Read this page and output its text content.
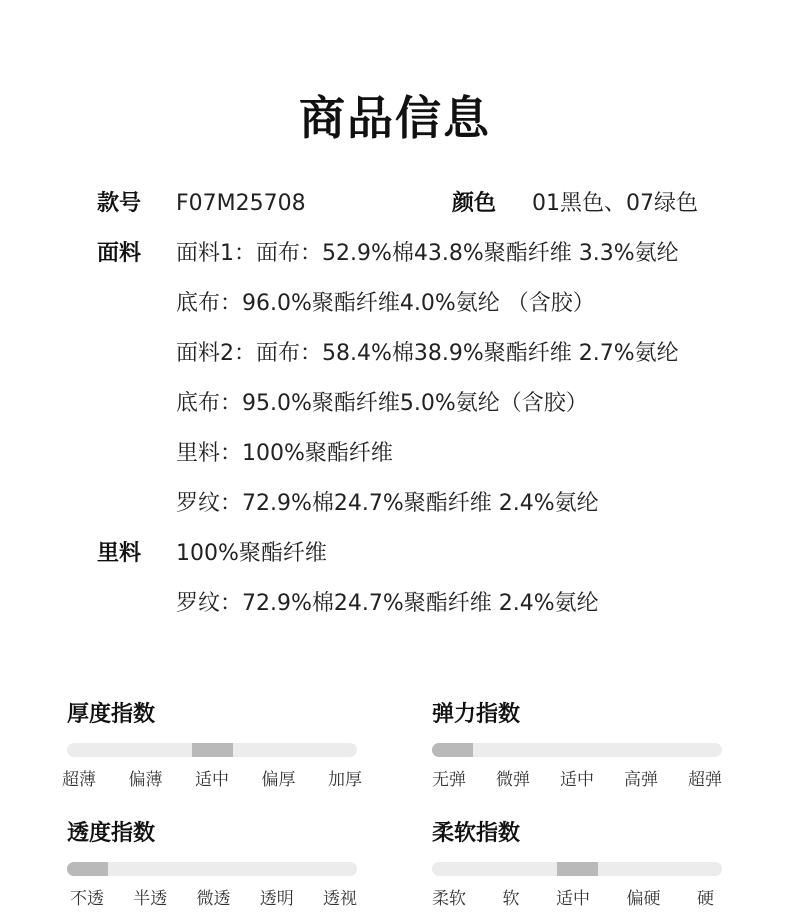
商品信息
款号 F07M25708	颜色 01黑色、07绿色
面料 面料1：面布：52.9%棉43.8%聚酯纤维 3.3%氨纶
底布：96.0%聚酯纤维4.0%氨纶 （含胶）
面料2：面布：58.4%棉38.9%聚酯纤维 2.7%氨纶
底布：95.0%聚酯纤维5.0%氨纶（含胶）
里料：100%聚酯纤维
罗纹：72.9%棉24.7%聚酯纤维 2.4%氨纶
里料 100%聚酯纤维
罗纹：72.9%棉24.7%聚酯纤维 2.4%氨纶
厚度指数
超薄 偏薄 适中 偏厚 加厚
弹力指数
无弹 微弹 适中 高弹 超弹
透度指数
不透 半透 微透 透明 透视
柔软指数
柔软 软 适中 偏硬 硬
